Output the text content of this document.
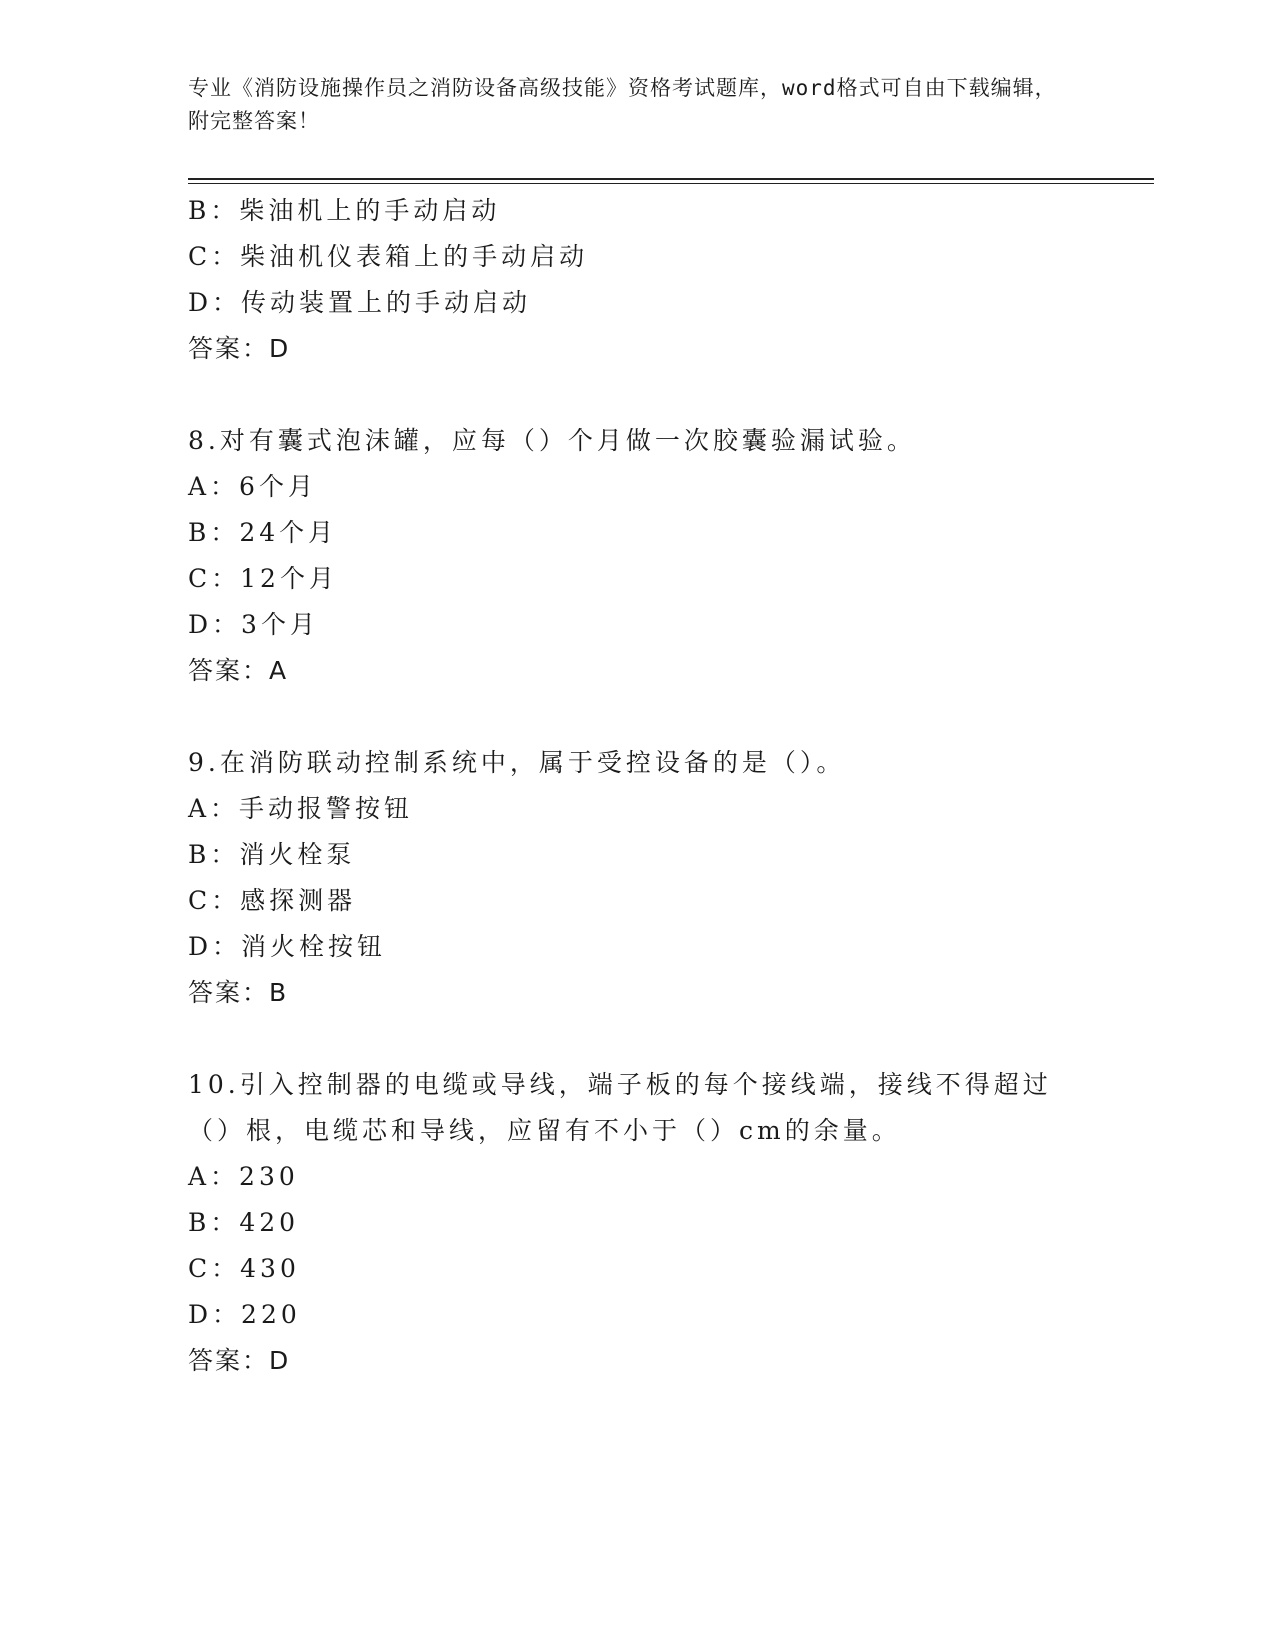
专业《消防设施操作员之消防设备高级技能》资格考试题库，word格式可自由下载编辑，附完整答案！
B：柴油机上的手动启动
C：柴油机仪表箱上的手动启动
D：传动装置上的手动启动
答案：D
8.对有囊式泡沫罐，应每（）个月做一次胶囊验漏试验。
A：6个月
B：24个月
C：12个月
D：3个月
答案：A
9.在消防联动控制系统中，属于受控设备的是（）。
A：手动报警按钮
B：消火栓泵
C：感探测器
D：消火栓按钮
答案：B
10.引入控制器的电缆或导线，端子板的每个接线端，接线不得超过（）根，电缆芯和导线，应留有不小于（）cm的余量。
A：230
B：420
C：430
D：220
答案：D
